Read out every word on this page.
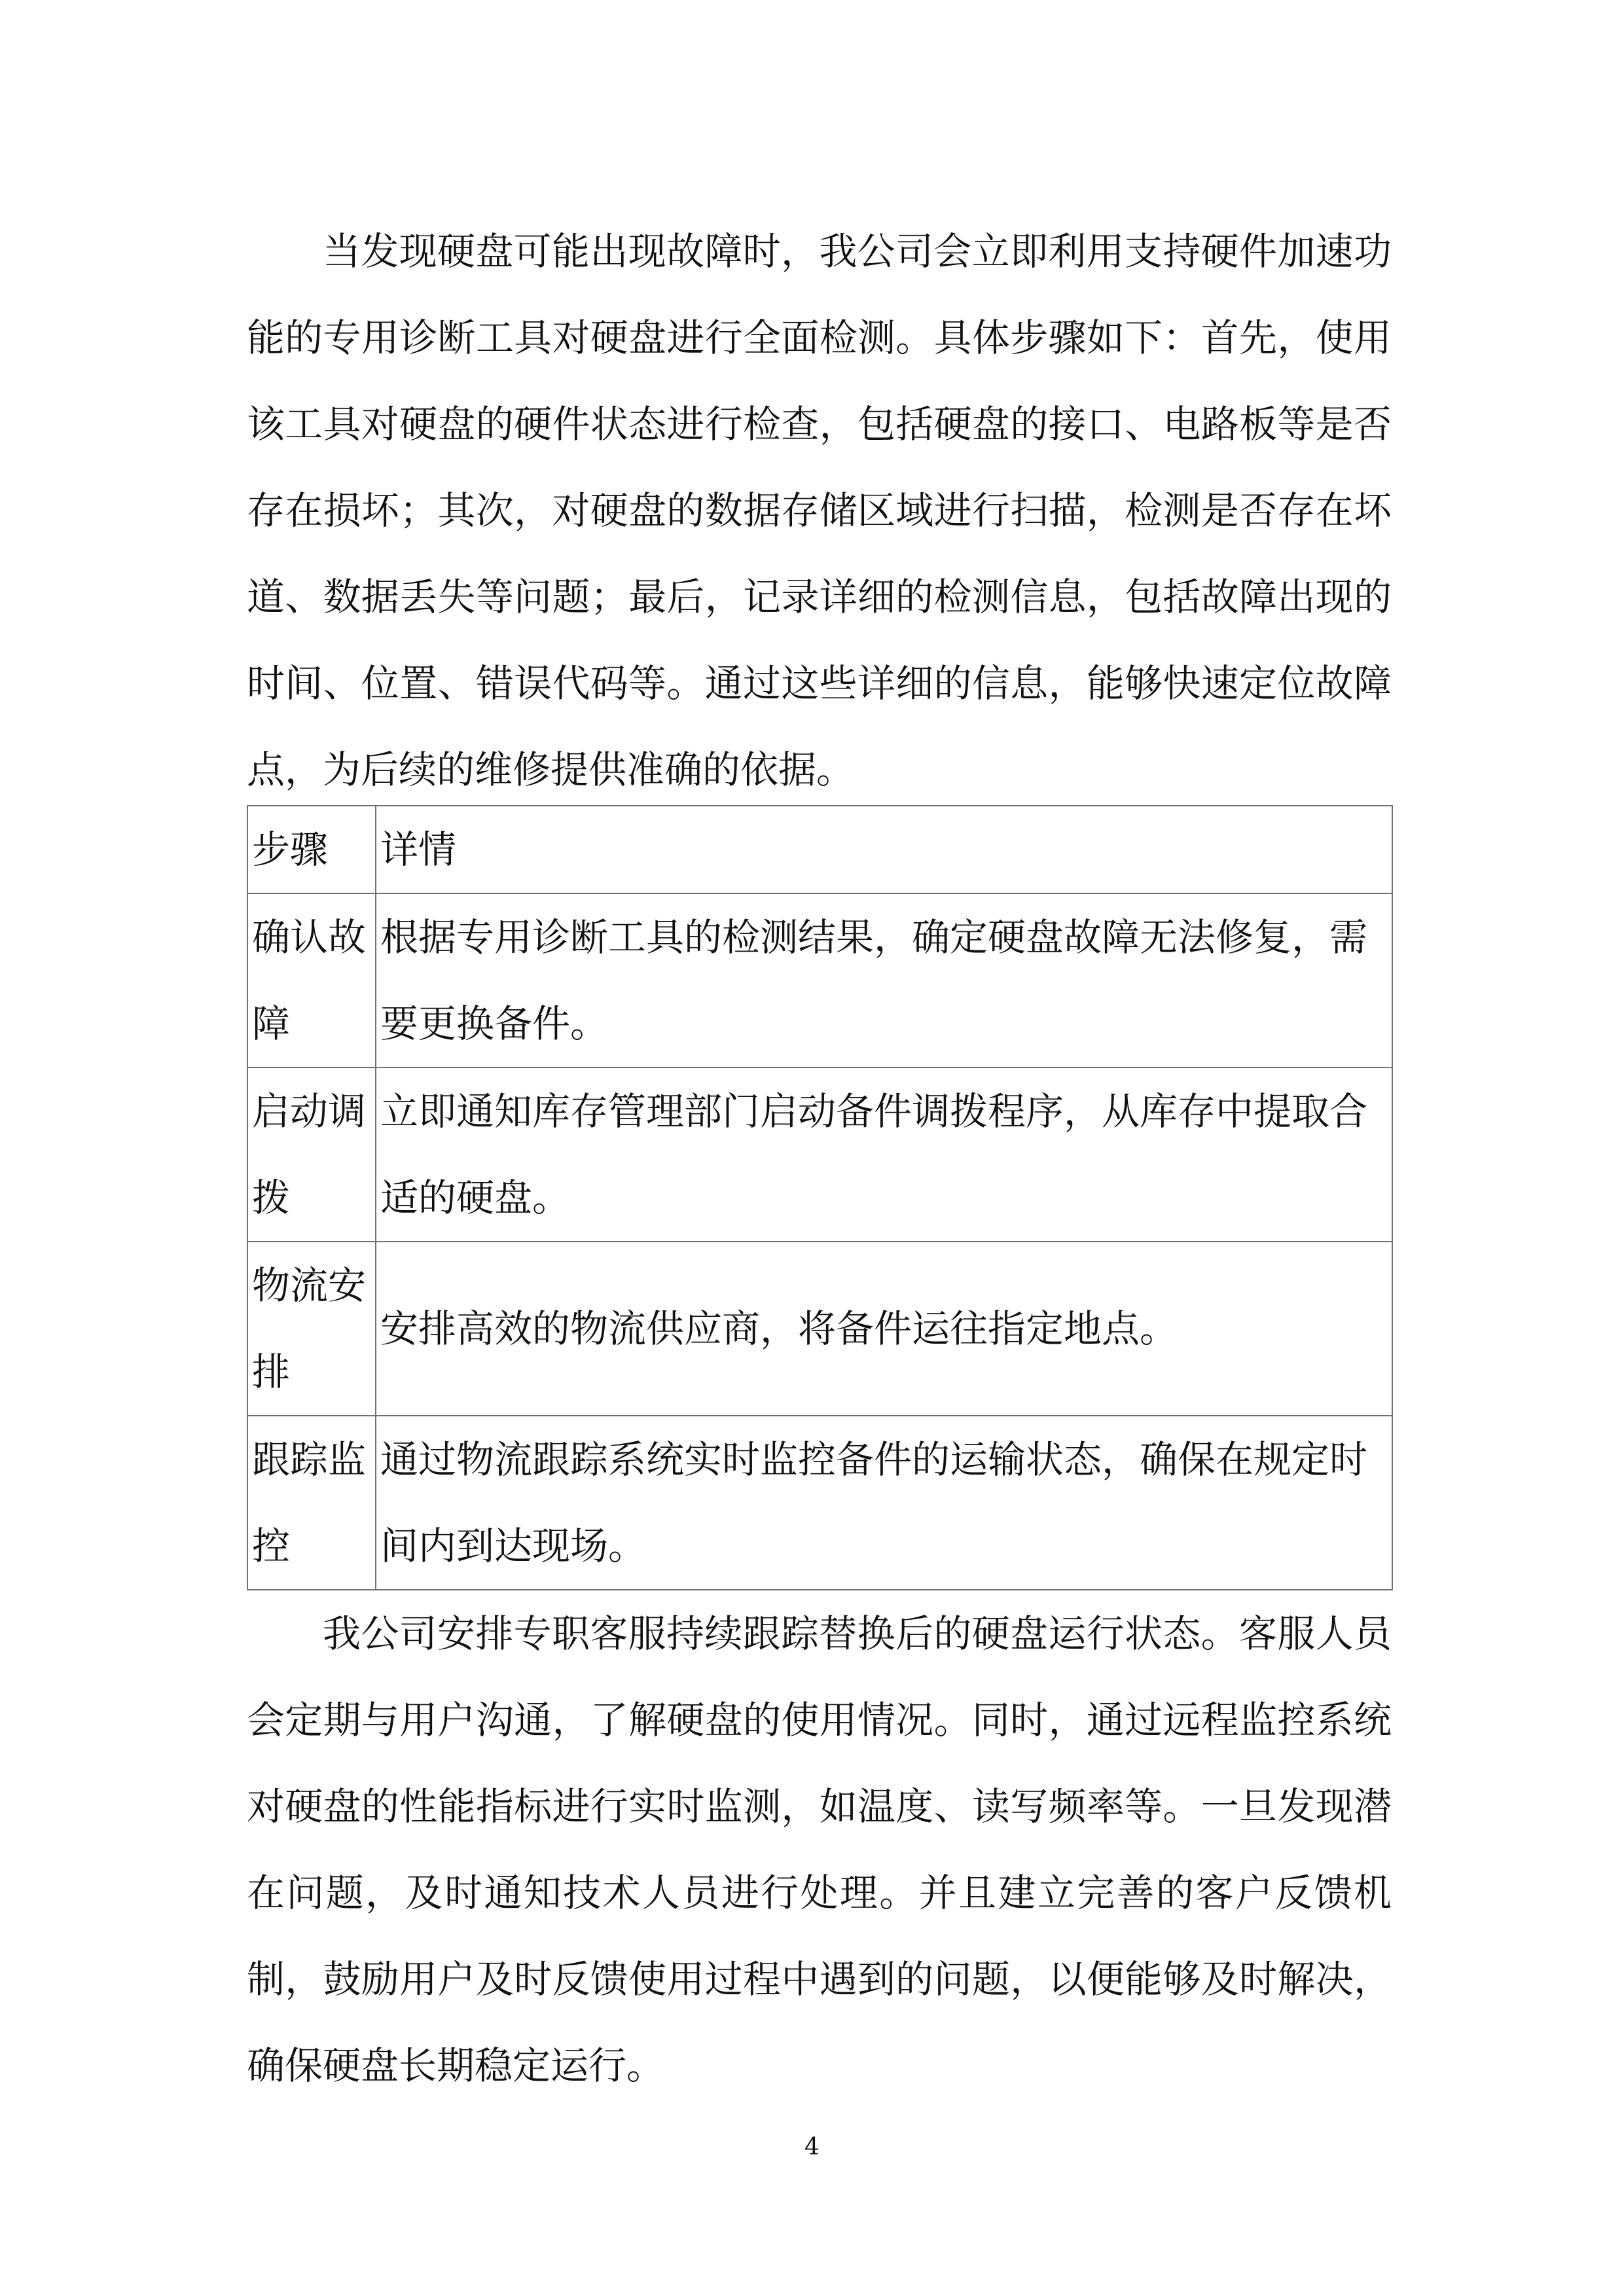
当发现硬盘可能出现故障时，我公司会立即利用支持硬件加速功能的专用诊断工具对硬盘进行全面检测。具体步骤如下：首先，使用该工具对硬盘的硬件状态进行检查，包括硬盘的接口、电路板等是否存在损坏；其次，对硬盘的数据存储区域进行扫描，检测是否存在坏道、数据丢失等问题；最后，记录详细的检测信息，包括故障出现的时间、位置、错误代码等。通过这些详细的信息，能够快速定位故障点，为后续的维修提供准确的依据。

步骤	详情
确认故障	根据专用诊断工具的检测结果，确定硬盘故障无法修复，需要更换备件。
启动调拨	立即通知库存管理部门启动备件调拨程序，从库存中提取合适的硬盘。
物流安排	安排高效的物流供应商，将备件运往指定地点。
跟踪监控	通过物流跟踪系统实时监控备件的运输状态，确保在规定时间内到达现场。

我公司安排专职客服持续跟踪替换后的硬盘运行状态。客服人员会定期与用户沟通，了解硬盘的使用情况。同时，通过远程监控系统对硬盘的性能指标进行实时监测，如温度、读写频率等。一旦发现潜在问题，及时通知技术人员进行处理。并且建立完善的客户反馈机制，鼓励用户及时反馈使用过程中遇到的问题，以便能够及时解决，确保硬盘长期稳定运行。

4
